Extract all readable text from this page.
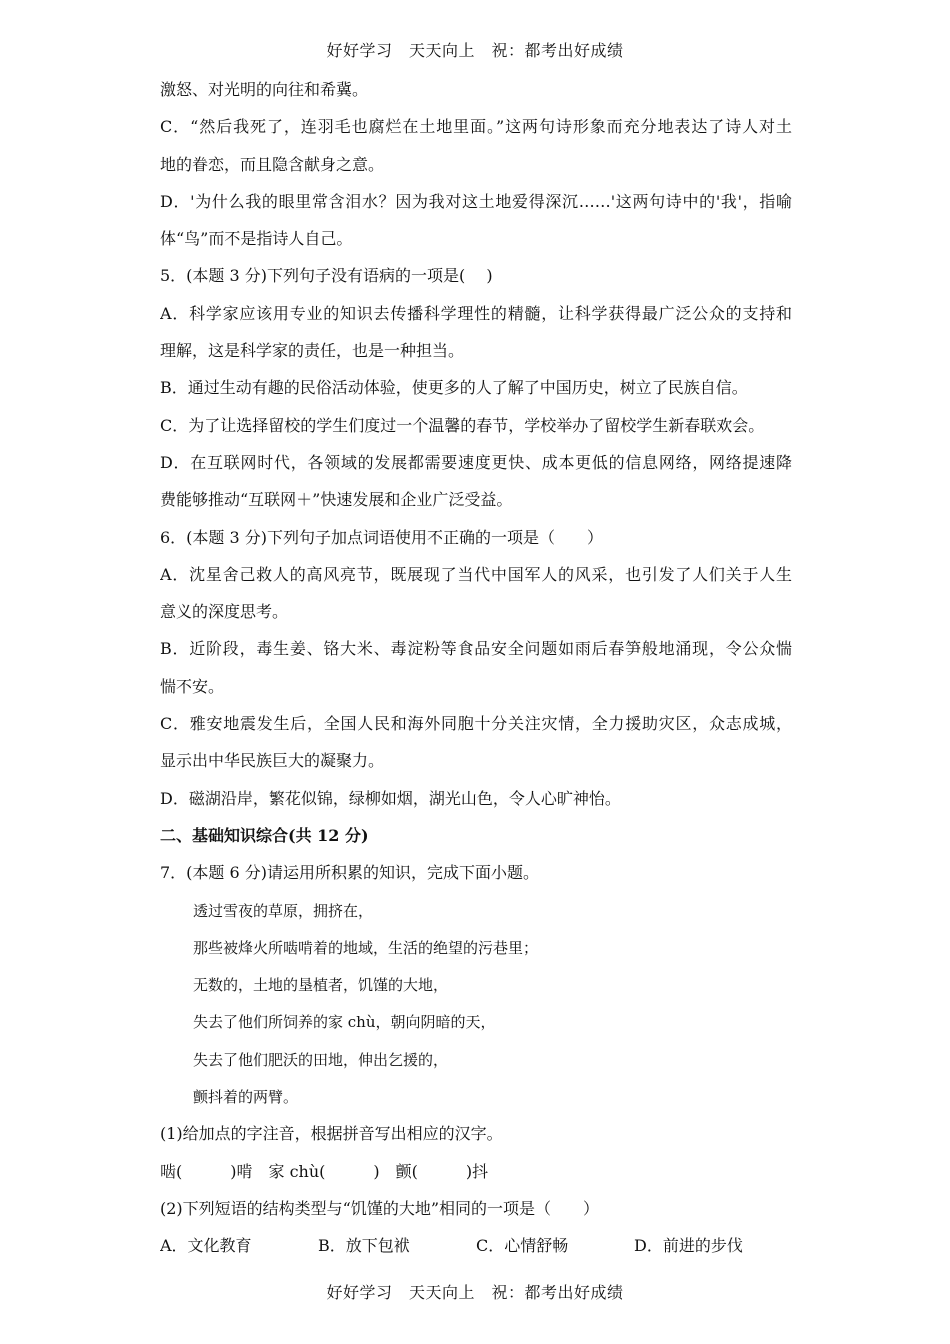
好好学习　天天向上　祝：都考出好成绩
激怒、对光明的向往和希冀。
C．“然后我死了，连羽毛也腐烂在土地里面。”这两句诗形象而充分地表达了诗人对土
地的眷恋，而且隐含献身之意。
D．'为什么我的眼里常含泪水？因为我对这土地爱得深沉……'这两句诗中的'我'，指喻
体“鸟”而不是指诗人自己。
5．(本题 3 分)下列句子没有语病的一项是(　 )
A．科学家应该用专业的知识去传播科学理性的精髓，让科学获得最广泛公众的支持和
理解，这是科学家的责任，也是一种担当。
B．通过生动有趣的民俗活动体验，使更多的人了解了中国历史，树立了民族自信。
C．为了让选择留校的学生们度过一个温馨的春节，学校举办了留校学生新春联欢会。
D．在互联网时代，各领域的发展都需要速度更快、成本更低的信息网络，网络提速降
费能够推动“互联网＋”快速发展和企业广泛受益。
6．(本题 3 分)下列句子加点词语使用不正确的一项是（　　）
A．沈星舍己救人的高风亮节，既展现了当代中国军人的风采，也引发了人们关于人生
意义的深度思考。
B．近阶段，毒生姜、铬大米、毒淀粉等食品安全问题如雨后春笋般地涌现，令公众惴
惴不安。
C．雅安地震发生后，全国人民和海外同胞十分关注灾情，全力援助灾区，众志成城，
显示出中华民族巨大的凝聚力。
D．磁湖沿岸，繁花似锦，绿柳如烟，湖光山色，令人心旷神怡。
二、基础知识综合(共 12 分)
7．(本题 6 分)请运用所积累的知识，完成下面小题。
透过雪夜的草原，拥挤在，
那些被烽火所啮啃着的地域，生活的绝望的污巷里；
无数的，土地的垦植者，饥馑的大地，
失去了他们所饲养的家 chù，朝向阴暗的天，
失去了他们肥沃的田地，伸出乞援的，
颤抖着的两臂。
(1)给加点的字注音，根据拼音写出相应的汉字。
啮(　　　)啃　家 chù(　　　)　颤(　　　)抖
(2)下列短语的结构类型与“饥馑的大地”相同的一项是（　　）
A．文化教育	B．放下包袱	C．心情舒畅	D．前进的步伐
好好学习　天天向上　祝：都考出好成绩
